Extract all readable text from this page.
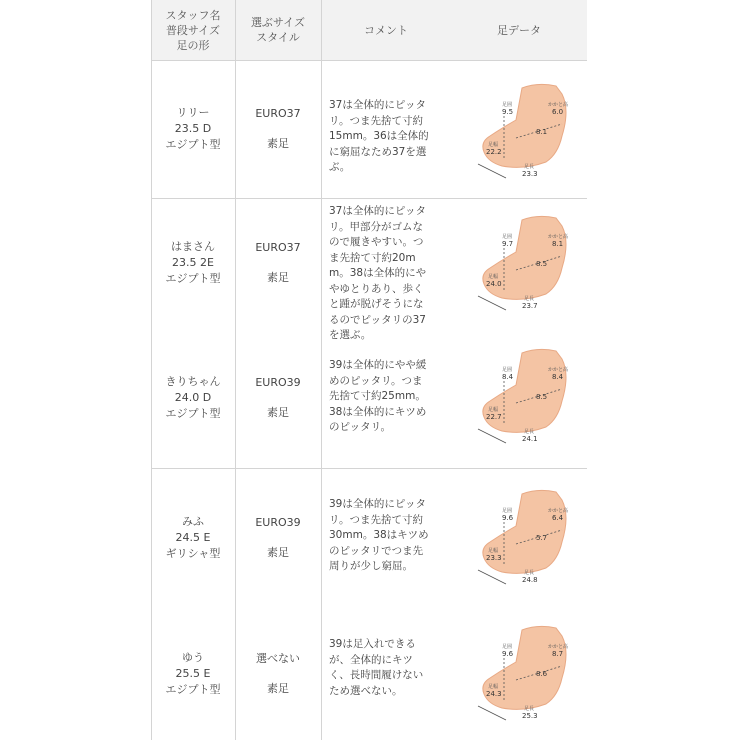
スタッフ名
普段サイズ
足の形
選ぶサイズ
スタイル
コメント	足データ
リリー
23.5 D
エジプト型
EURO37
素足
37は全体的にピッタリ。つま先捨て寸約15mm。36は全体的に窮屈なため37を選ぶ。
足囲
9.5
かかと高
6.0
8.1
足幅
22.2
足長
23.3
はまさん
23.5 2E
エジプト型
EURO37
素足
37は全体的にピッタリ。甲部分がゴムなので履きやすい。つま先捨て寸約20mm。38は全体的にややゆとりあり、歩くと踵が脱げそうになるのでピッタリの37を選ぶ。
足囲
9.7
かかと高
8.1
8.5
足幅
24.0
足長
23.7
きりちゃん
24.0 D
エジプト型
EURO39
素足
39は全体的にやや緩めのピッタリ。つま先捨て寸約25mm。38は全体的にキツめのピッタリ。
足囲
8.4
かかと高
8.4
8.5
足幅
22.7
足長
24.1
みふ
24.5 E
ギリシャ型
EURO39
素足
39は全体的にピッタリ。つま先捨て寸約30mm。38はキツめのピッタリでつま先周りが少し窮屈。
足囲
9.6
かかと高
6.4
5.7
足幅
23.3
足長
24.8
ゆう
25.5 E
エジプト型
選べない
素足
39は足入れできるが、全体的にキツく、長時間履けないため選べない。
足囲
9.6
かかと高
8.7
8.6
足幅
24.3
足長
25.3
